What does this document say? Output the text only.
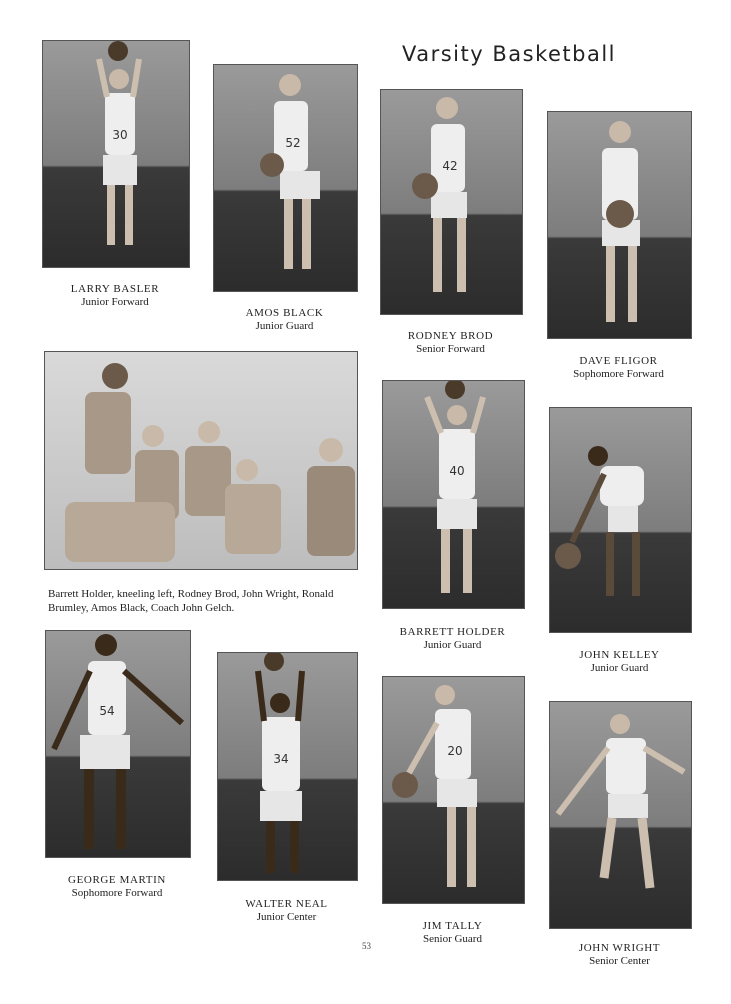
Varsity Basketball
30
LARRY BASLER
Junior Forward
52
AMOS BLACK
Junior Guard
42
RODNEY BROD
Senior Forward
DAVE FLIGOR
Sophomore Forward
Barrett Holder, kneeling left, Rodney Brod, John Wright, Ronald Brumley, Amos Black, Coach John Gelch.
40
BARRETT HOLDER
Junior Guard
JOHN KELLEY
Junior Guard
54
GEORGE MARTIN
Sophomore Forward
34
WALTER NEAL
Junior Center
20
JIM TALLY
Senior Guard
JOHN WRIGHT
Senior Center
53
